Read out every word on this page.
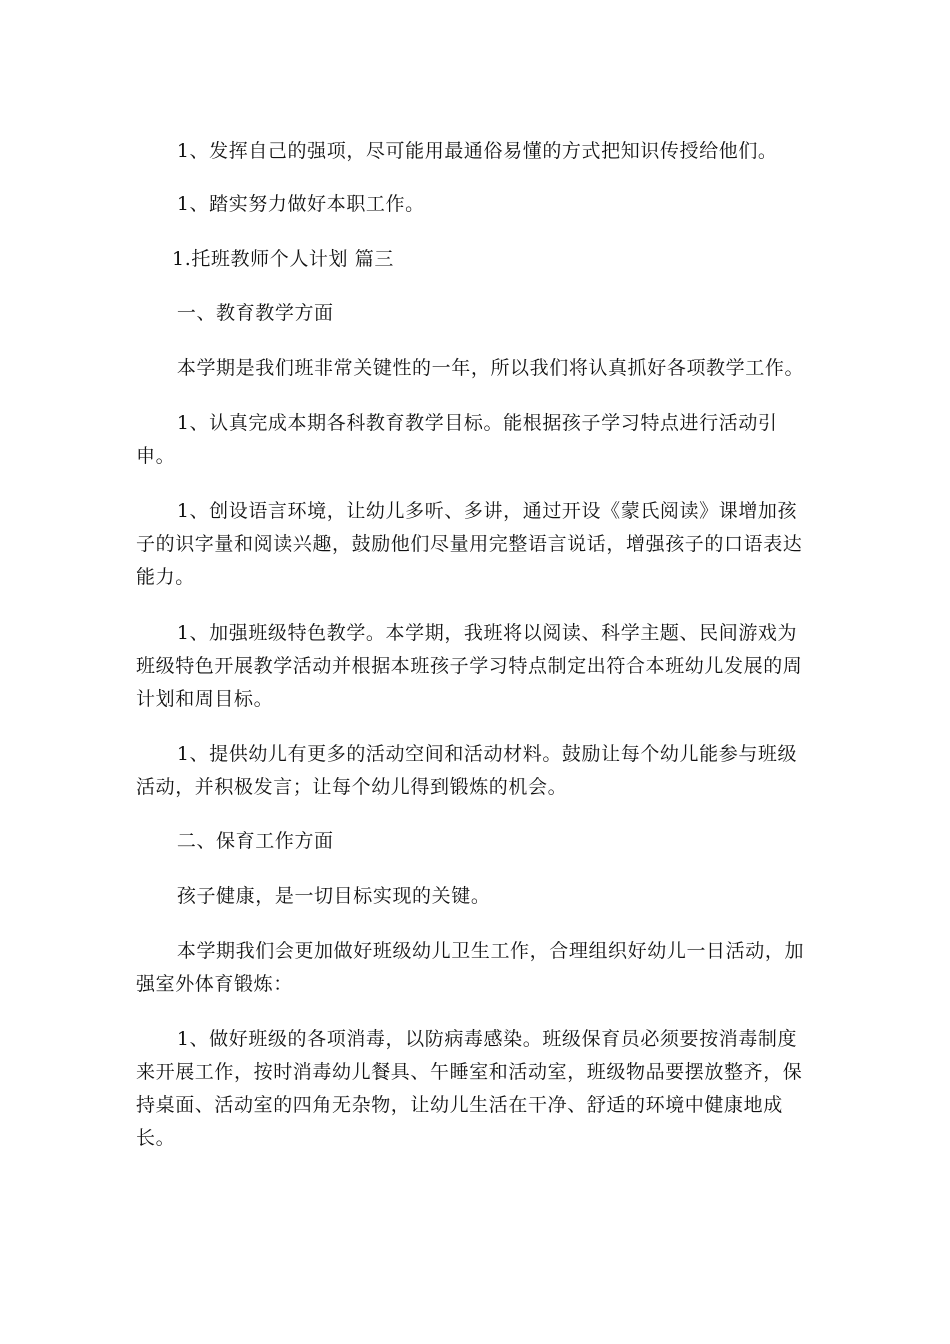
1、发挥自己的强项，尽可能用最通俗易懂的方式把知识传授给他们。

1、踏实努力做好本职工作。

1.托班教师个人计划 篇三

一、教育教学方面

本学期是我们班非常关键性的一年，所以我们将认真抓好各项教学工作。

1、认真完成本期各科教育教学目标。能根据孩子学习特点进行活动引申。

1、创设语言环境，让幼儿多听、多讲，通过开设《蒙氏阅读》课增加孩子的识字量和阅读兴趣，鼓励他们尽量用完整语言说话，增强孩子的口语表达能力。

1、加强班级特色教学。本学期，我班将以阅读、科学主题、民间游戏为班级特色开展教学活动并根据本班孩子学习特点制定出符合本班幼儿发展的周计划和周目标。

1、提供幼儿有更多的活动空间和活动材料。鼓励让每个幼儿能参与班级活动，并积极发言；让每个幼儿得到锻炼的机会。

二、保育工作方面

孩子健康，是一切目标实现的关键。

本学期我们会更加做好班级幼儿卫生工作，合理组织好幼儿一日活动，加强室外体育锻炼：

1、做好班级的各项消毒，以防病毒感染。班级保育员必须要按消毒制度来开展工作，按时消毒幼儿餐具、午睡室和活动室，班级物品要摆放整齐，保持桌面、活动室的四角无杂物，让幼儿生活在干净、舒适的环境中健康地成长。
